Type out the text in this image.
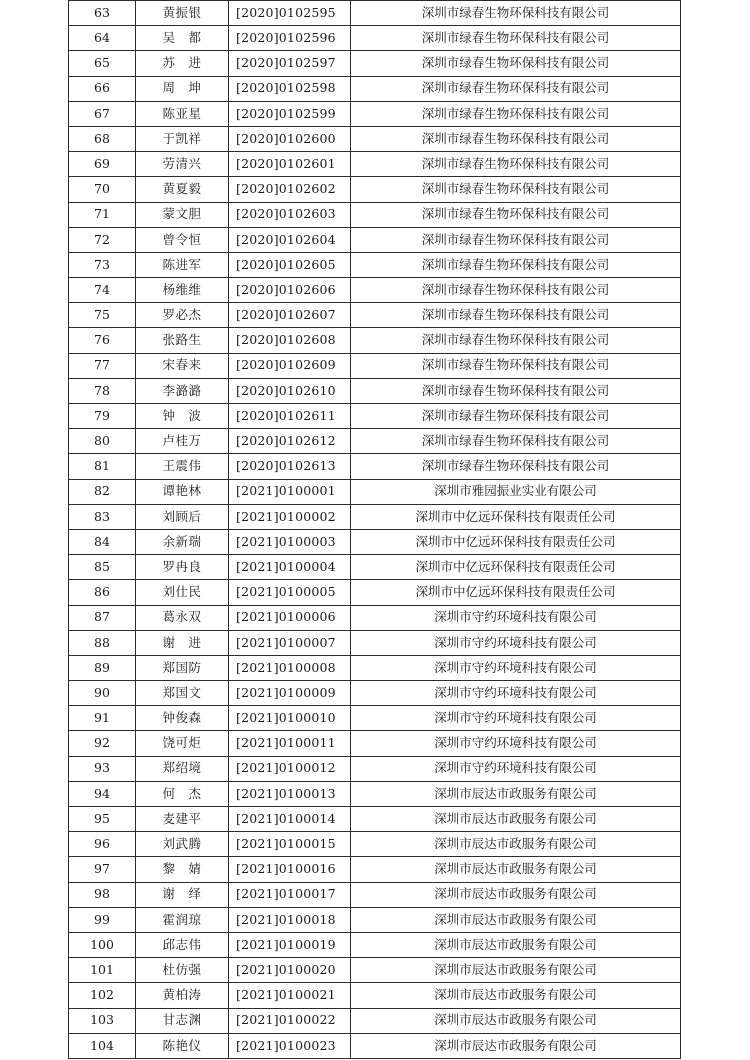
63	黄振银	[2020]0102595	深圳市绿春生物环保科技有限公司
64	吴　都	[2020]0102596	深圳市绿春生物环保科技有限公司
65	苏　进	[2020]0102597	深圳市绿春生物环保科技有限公司
66	周　坤	[2020]0102598	深圳市绿春生物环保科技有限公司
67	陈亚星	[2020]0102599	深圳市绿春生物环保科技有限公司
68	于凯祥	[2020]0102600	深圳市绿春生物环保科技有限公司
69	劳清兴	[2020]0102601	深圳市绿春生物环保科技有限公司
70	黄夏毅	[2020]0102602	深圳市绿春生物环保科技有限公司
71	蒙文胆	[2020]0102603	深圳市绿春生物环保科技有限公司
72	曾令恒	[2020]0102604	深圳市绿春生物环保科技有限公司
73	陈进军	[2020]0102605	深圳市绿春生物环保科技有限公司
74	杨维维	[2020]0102606	深圳市绿春生物环保科技有限公司
75	罗必杰	[2020]0102607	深圳市绿春生物环保科技有限公司
76	张路生	[2020]0102608	深圳市绿春生物环保科技有限公司
77	宋春来	[2020]0102609	深圳市绿春生物环保科技有限公司
78	李潞潞	[2020]0102610	深圳市绿春生物环保科技有限公司
79	钟　波	[2020]0102611	深圳市绿春生物环保科技有限公司
80	卢桂万	[2020]0102612	深圳市绿春生物环保科技有限公司
81	王震伟	[2020]0102613	深圳市绿春生物环保科技有限公司
82	谭艳林	[2021]0100001	深圳市雅园振业实业有限公司
83	刘顾后	[2021]0100002	深圳市中亿远环保科技有限责任公司
84	余新瑞	[2021]0100003	深圳市中亿远环保科技有限责任公司
85	罗冉良	[2021]0100004	深圳市中亿远环保科技有限责任公司
86	刘仕民	[2021]0100005	深圳市中亿远环保科技有限责任公司
87	葛永双	[2021]0100006	深圳市守约环境科技有限公司
88	谢　进	[2021]0100007	深圳市守约环境科技有限公司
89	郑国防	[2021]0100008	深圳市守约环境科技有限公司
90	郑国文	[2021]0100009	深圳市守约环境科技有限公司
91	钟俊森	[2021]0100010	深圳市守约环境科技有限公司
92	饶可炬	[2021]0100011	深圳市守约环境科技有限公司
93	郑绍境	[2021]0100012	深圳市守约环境科技有限公司
94	何　杰	[2021]0100013	深圳市辰达市政服务有限公司
95	麦建平	[2021]0100014	深圳市辰达市政服务有限公司
96	刘武腾	[2021]0100015	深圳市辰达市政服务有限公司
97	黎　婧	[2021]0100016	深圳市辰达市政服务有限公司
98	谢　绎	[2021]0100017	深圳市辰达市政服务有限公司
99	霍润琼	[2021]0100018	深圳市辰达市政服务有限公司
100	邱志伟	[2021]0100019	深圳市辰达市政服务有限公司
101	杜仿强	[2021]0100020	深圳市辰达市政服务有限公司
102	黄柏涛	[2021]0100021	深圳市辰达市政服务有限公司
103	甘志渊	[2021]0100022	深圳市辰达市政服务有限公司
104	陈艳仪	[2021]0100023	深圳市辰达市政服务有限公司
